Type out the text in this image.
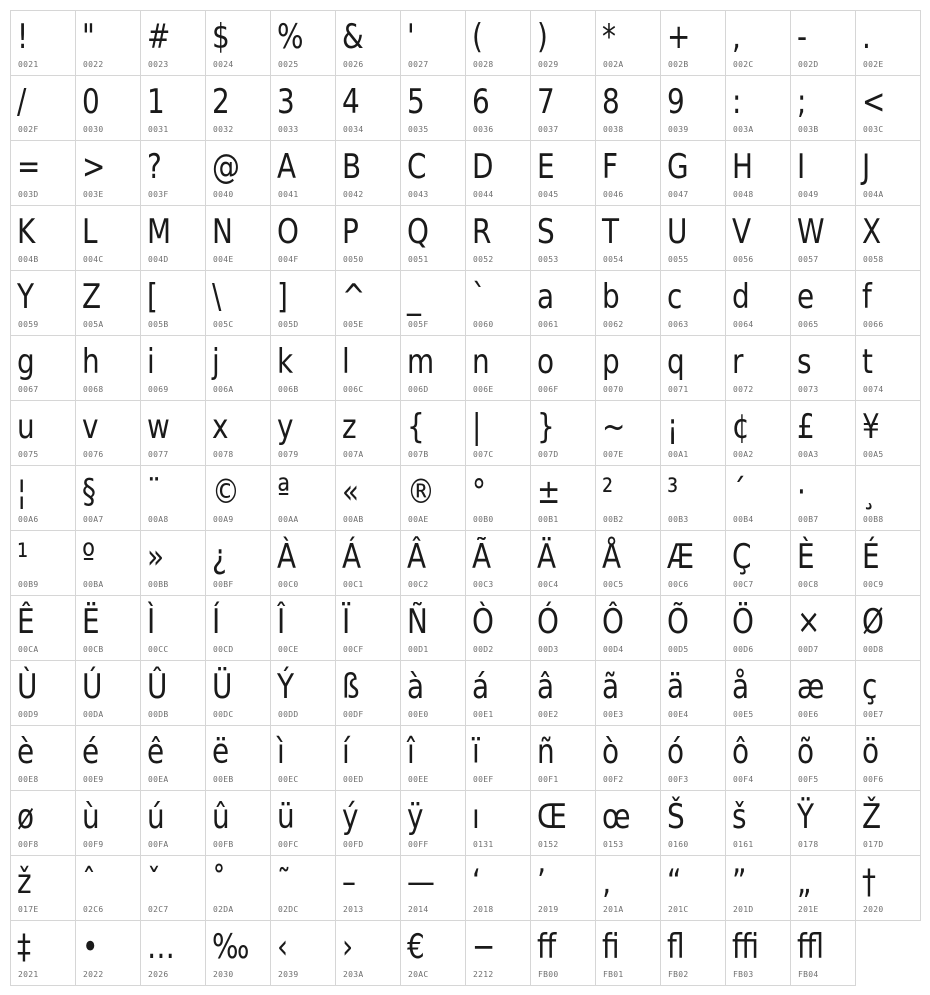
!
0021
"
0022
#
0023
$
0024
%
0025
&
0026
'
0027
(
0028
)
0029
*
002A
+
002B
,
002C
-
002D
.
002E
/
002F
0
0030
1
0031
2
0032
3
0033
4
0034
5
0035
6
0036
7
0037
8
0038
9
0039
:
003A
;
003B
<
003C
=
003D
>
003E
?
003F
@
0040
A
0041
B
0042
C
0043
D
0044
E
0045
F
0046
G
0047
H
0048
I
0049
J
004A
K
004B
L
004C
M
004D
N
004E
O
004F
P
0050
Q
0051
R
0052
S
0053
T
0054
U
0055
V
0056
W
0057
X
0058
Y
0059
Z
005A
[
005B
\
005C
]
005D
^
005E
_
005F
`
0060
a
0061
b
0062
c
0063
d
0064
e
0065
f
0066
g
0067
h
0068
i
0069
j
006A
k
006B
l
006C
m
006D
n
006E
o
006F
p
0070
q
0071
r
0072
s
0073
t
0074
u
0075
v
0076
w
0077
x
0078
y
0079
z
007A
{
007B
|
007C
}
007D
~
007E
¡
00A1
¢
00A2
£
00A3
¥
00A5
¦
00A6
§
00A7
¨
00A8
©
00A9
ª
00AA
«
00AB
®
00AE
°
00B0
±
00B1
²
00B2
³
00B3
´
00B4
·
00B7
¸
00B8
¹
00B9
º
00BA
»
00BB
¿
00BF
À
00C0
Á
00C1
Â
00C2
Ã
00C3
Ä
00C4
Å
00C5
Æ
00C6
Ç
00C7
È
00C8
É
00C9
Ê
00CA
Ë
00CB
Ì
00CC
Í
00CD
Î
00CE
Ï
00CF
Ñ
00D1
Ò
00D2
Ó
00D3
Ô
00D4
Õ
00D5
Ö
00D6
×
00D7
Ø
00D8
Ù
00D9
Ú
00DA
Û
00DB
Ü
00DC
Ý
00DD
ß
00DF
à
00E0
á
00E1
â
00E2
ã
00E3
ä
00E4
å
00E5
æ
00E6
ç
00E7
è
00E8
é
00E9
ê
00EA
ë
00EB
ì
00EC
í
00ED
î
00EE
ï
00EF
ñ
00F1
ò
00F2
ó
00F3
ô
00F4
õ
00F5
ö
00F6
ø
00F8
ù
00F9
ú
00FA
û
00FB
ü
00FC
ý
00FD
ÿ
00FF
ı
0131
Œ
0152
œ
0153
Š
0160
š
0161
Ÿ
0178
Ž
017D
ž
017E
ˆ
02C6
ˇ
02C7
˚
02DA
˜
02DC
–
2013
—
2014
‘
2018
’
2019
‚
201A
“
201C
”
201D
„
201E
†
2020
‡
2021
•
2022
…
2026
‰
2030
‹
2039
›
203A
€
20AC
−
2212
ﬀ
FB00
ﬁ
FB01
ﬂ
FB02
ﬃ
FB03
ﬄ
FB04
